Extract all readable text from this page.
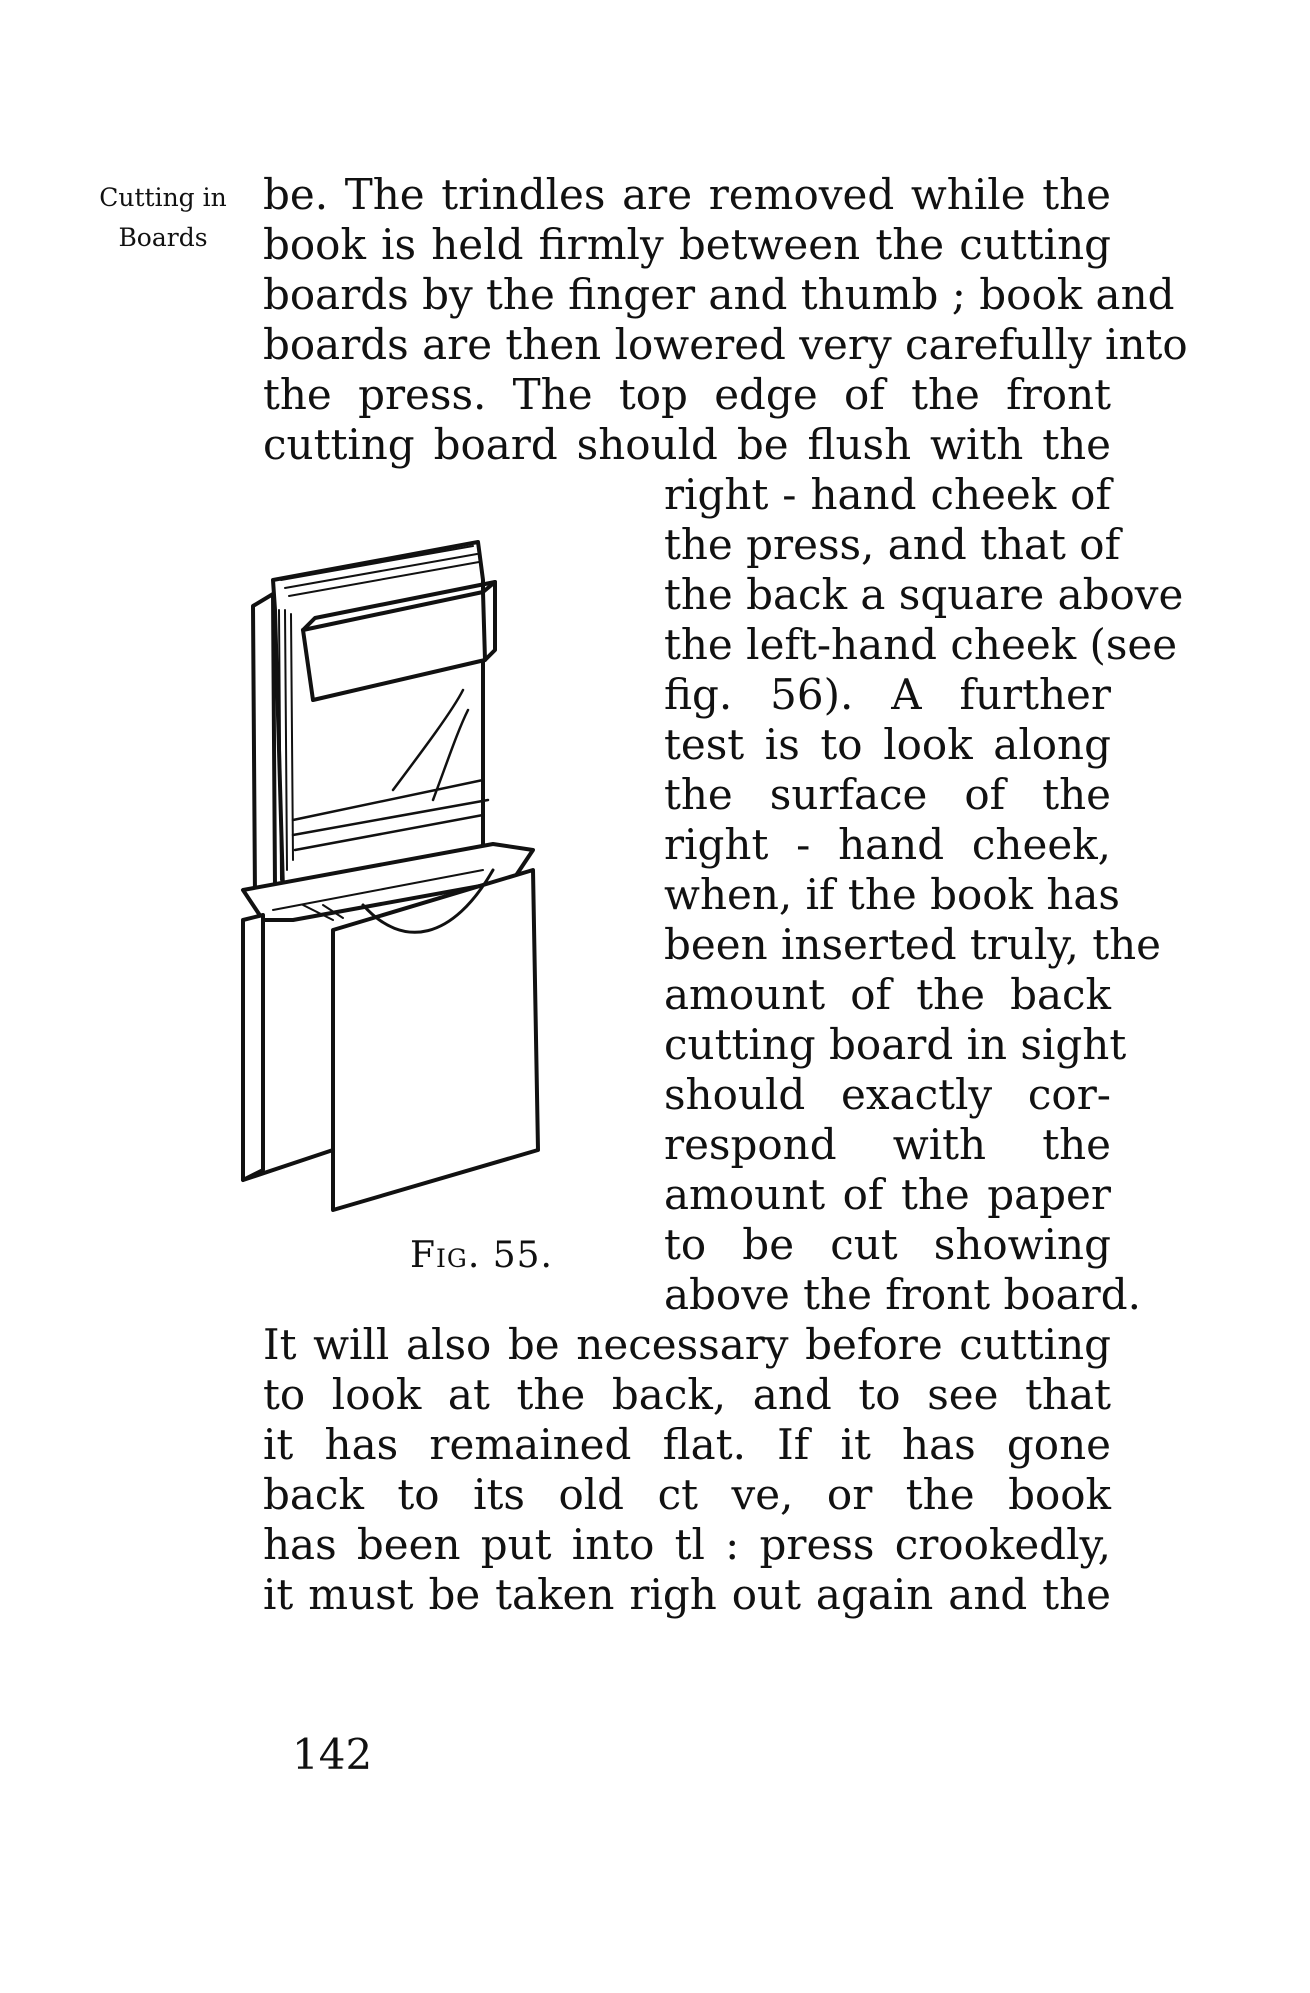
Cutting in
Boards
be. The trindles are removed while the
book is held firmly between the cutting
boards by the finger and thumb ; book and
boards are then lowered very carefully into
the press. The top edge of the front
cutting board should be flush with the
right - hand cheek of
the press, and that of
the back a square above
the left-hand cheek (see
fig. 56). A further
test is to look along
the surface of the
right - hand cheek,
when, if the book has
been inserted truly, the
amount of the back
cutting board in sight
should exactly cor-
respond with the
amount of the paper
to be cut showing
above the front board.
It will also be necessary before cutting
to look at the back, and to see that
it has remained flat. If it has gone
back to its old ct ve, or the book
has been put into tl : press crookedly,
it must be taken righ out again and the
Fig. 55.
142
